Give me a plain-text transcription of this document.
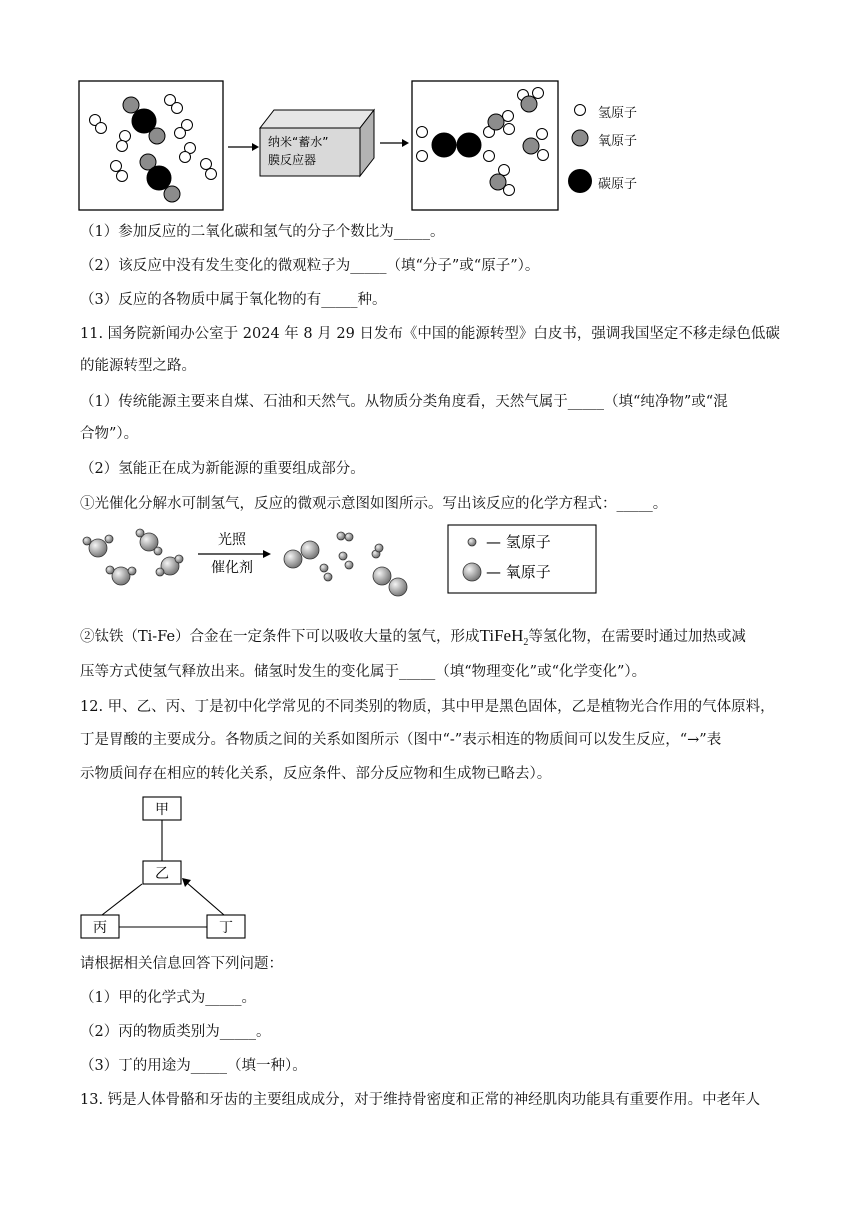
纳米“蓄水”
膜反应器
氢原子
氧原子
碳原子
（1）参加反应的二氧化碳和氢气的分子个数比为_____。
（2）该反应中没有发生变化的微观粒子为_____（填“分子”或“原子”）。
（3）反应的各物质中属于氧化物的有_____种。
11. 国务院新闻办公室于 2024 年 8 月 29 日发布《中国的能源转型》白皮书，强调我国坚定不移走绿色低碳
的能源转型之路。
（1）传统能源主要来自煤、石油和天然气。从物质分类角度看，天然气属于_____（填“纯净物”或“混
合物”）。
（2）氢能正在成为新能源的重要组成部分。
①光催化分解水可制氢气，反应的微观示意图如图所示。写出该反应的化学方程式：_____。
光照
催化剂
— 氢原子
— 氧原子
②钛铁（Ti-Fe）合金在一定条件下可以吸收大量的氢气，形成TiFeH$_2$等氢化物，在需要时通过加热或减
压等方式使氢气释放出来。储氢时发生的变化属于_____（填“物理变化”或“化学变化”）。
12. 甲、乙、丙、丁是初中化学常见的不同类别的物质，其中甲是黑色固体，乙是植物光合作用的气体原料，
丁是胃酸的主要成分。各物质之间的关系如图所示（图中“-”表示相连的物质间可以发生反应，“→”表
示物质间存在相应的转化关系，反应条件、部分反应物和生成物已略去）。
甲
乙
丙	丁
请根据相关信息回答下列问题：
（1）甲的化学式为_____。
（2）丙的物质类别为_____。
（3）丁的用途为_____（填一种）。
13. 钙是人体骨骼和牙齿的主要组成成分，对于维持骨密度和正常的神经肌肉功能具有重要作用。中老年人
